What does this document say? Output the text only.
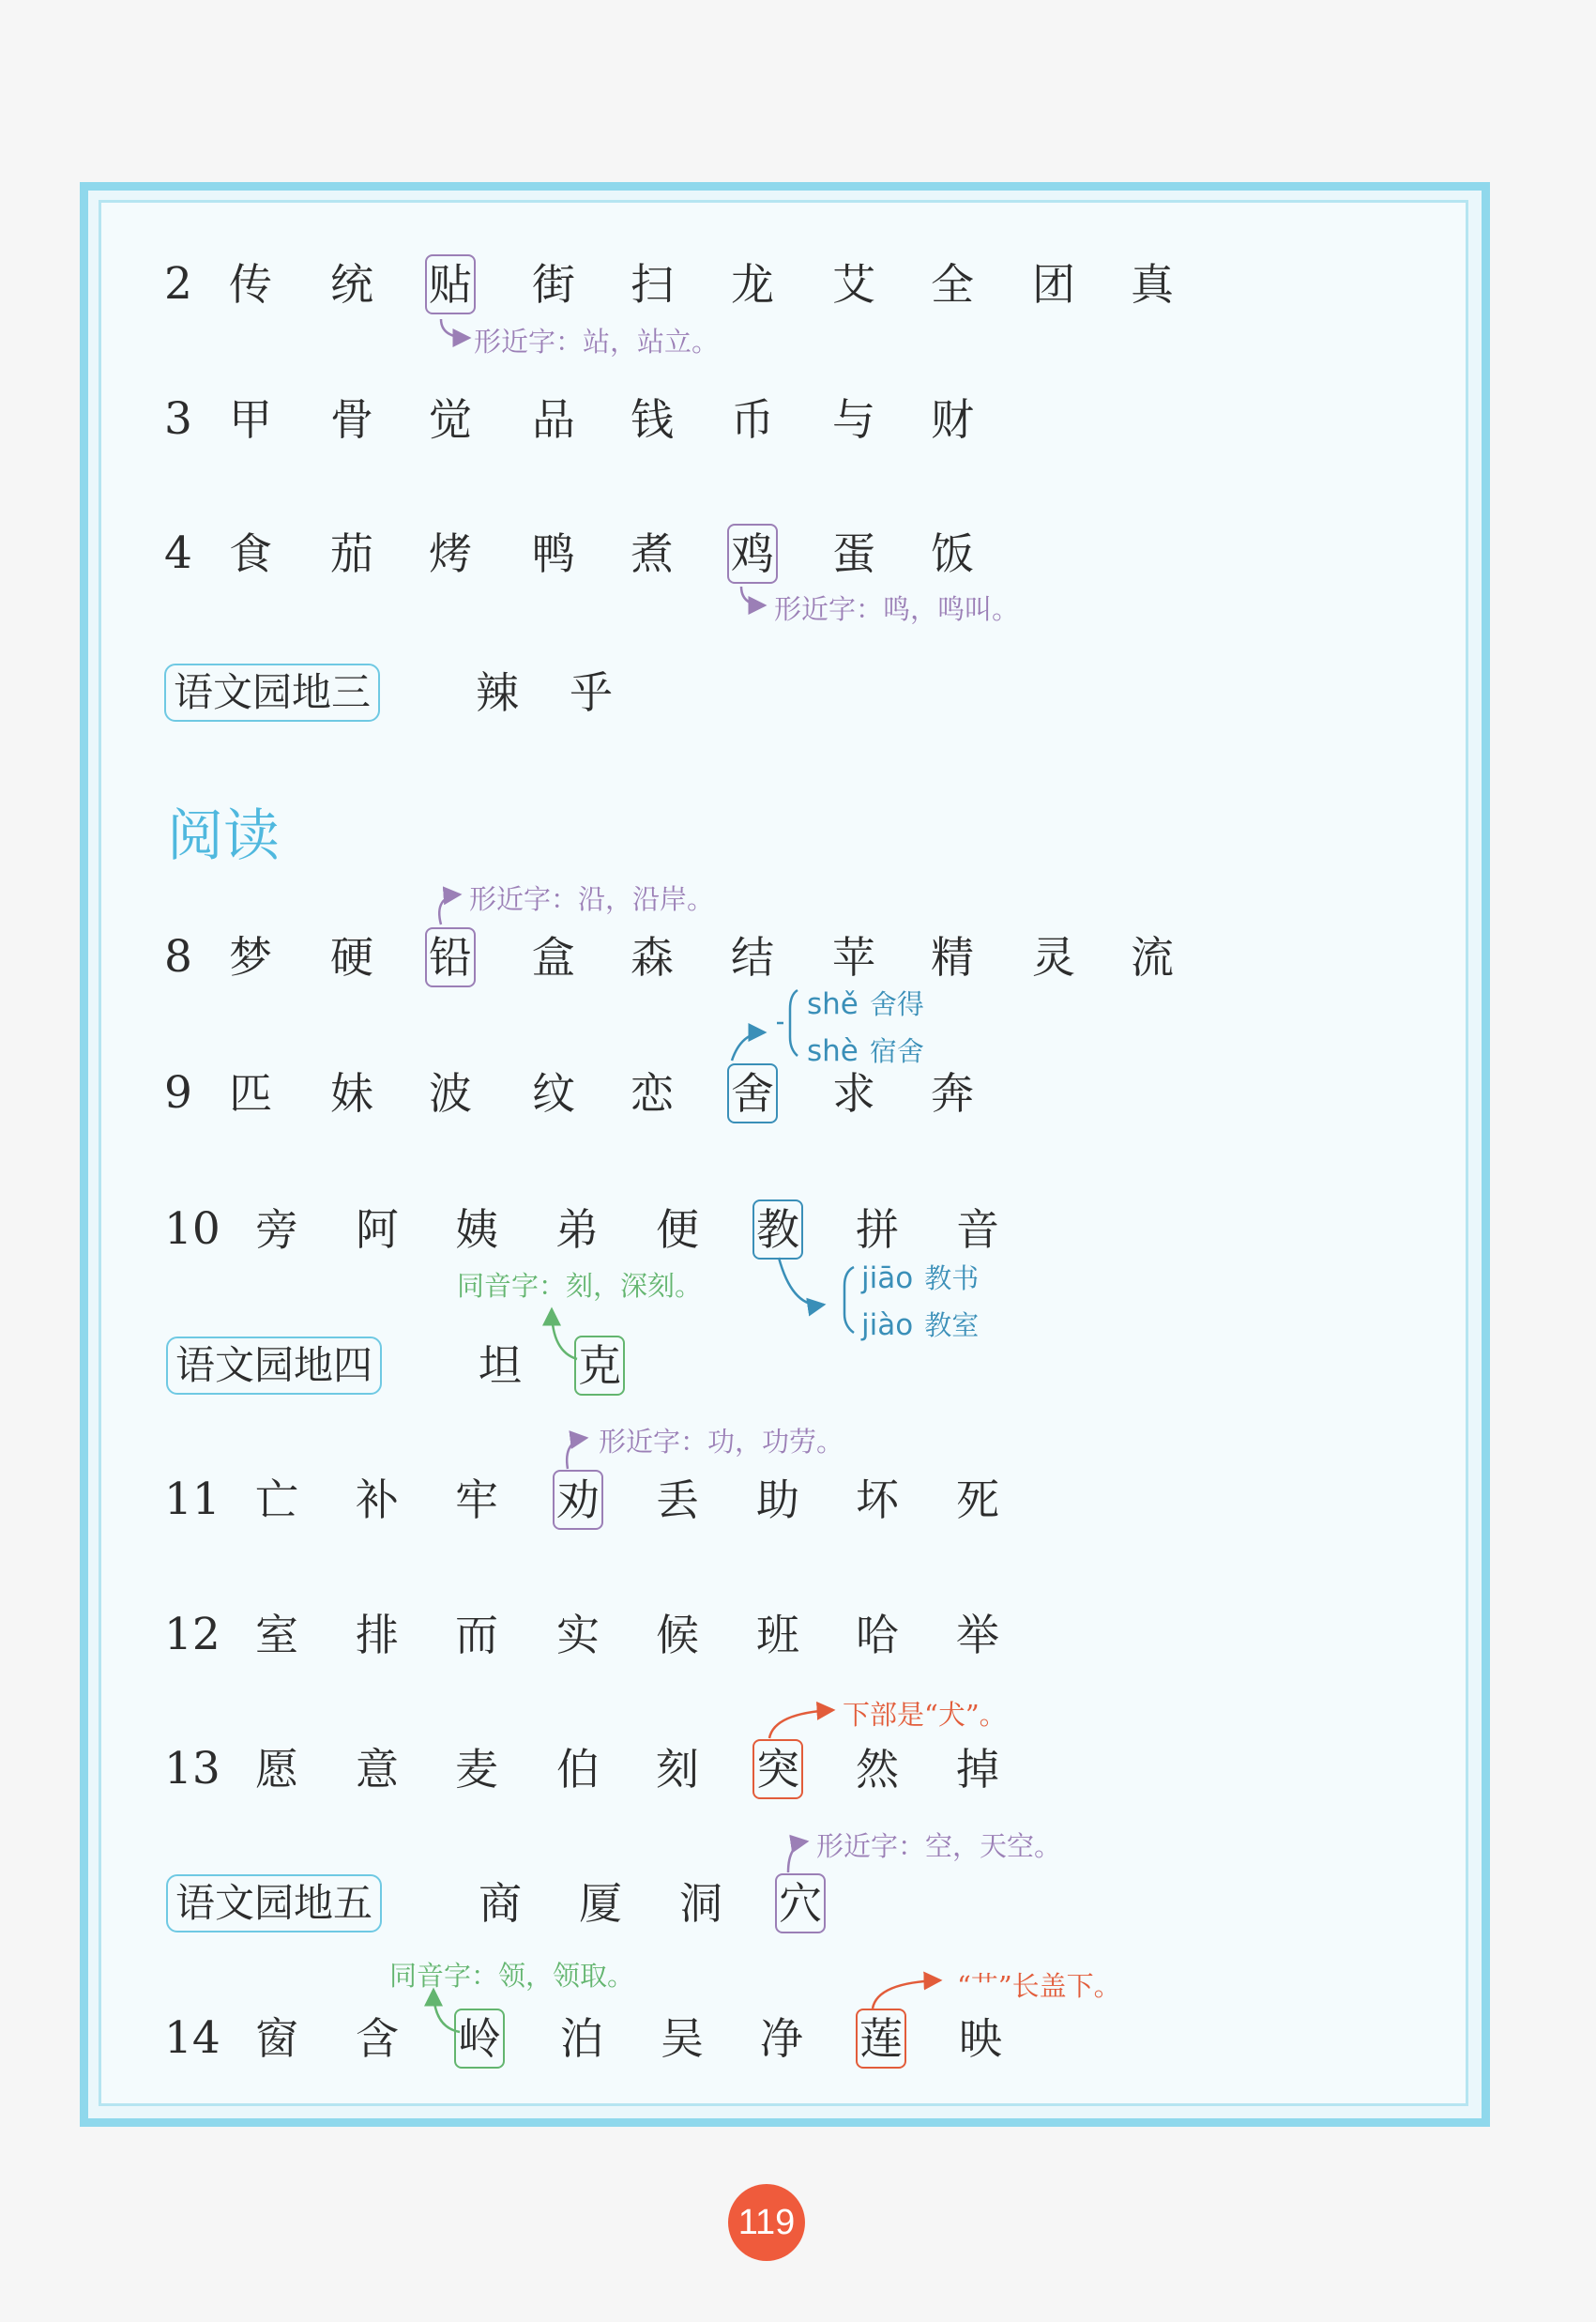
2 传 统 贴 街 扫 龙 艾 全 团 真
形近字：站，站立。
3 甲 骨 觉 品 钱 币 与 财
4 食 茄 烤 鸭 煮 鸡 蛋 饭
形近字：鸣，鸣叫。
语文园地三 辣 乎
阅读
形近字：沿，沿岸。
8 梦 硬 铅 盒 森 结 苹 精 灵 流
shě 舍得
shè 宿舍
9 匹 妹 波 纹 恋 舍 求 奔
10 旁 阿 姨 弟 便 教 拼 音
同音字：刻，深刻。	jiāo 教书
jiào 教室
语文园地四 坦 克
形近字：功，功劳。
11 亡 补 牢 劝 丢 助 坏 死
12 室 排 而 实 候 班 哈 举
下部是“犬”。
13 愿 意 麦 伯 刻 突 然 掉
形近字：空，天空。
语文园地五 商 厦 洞 穴
同音字：领，领取。	“艹”长盖下。
14 窗 含 岭 泊 吴 净 莲 映
119
